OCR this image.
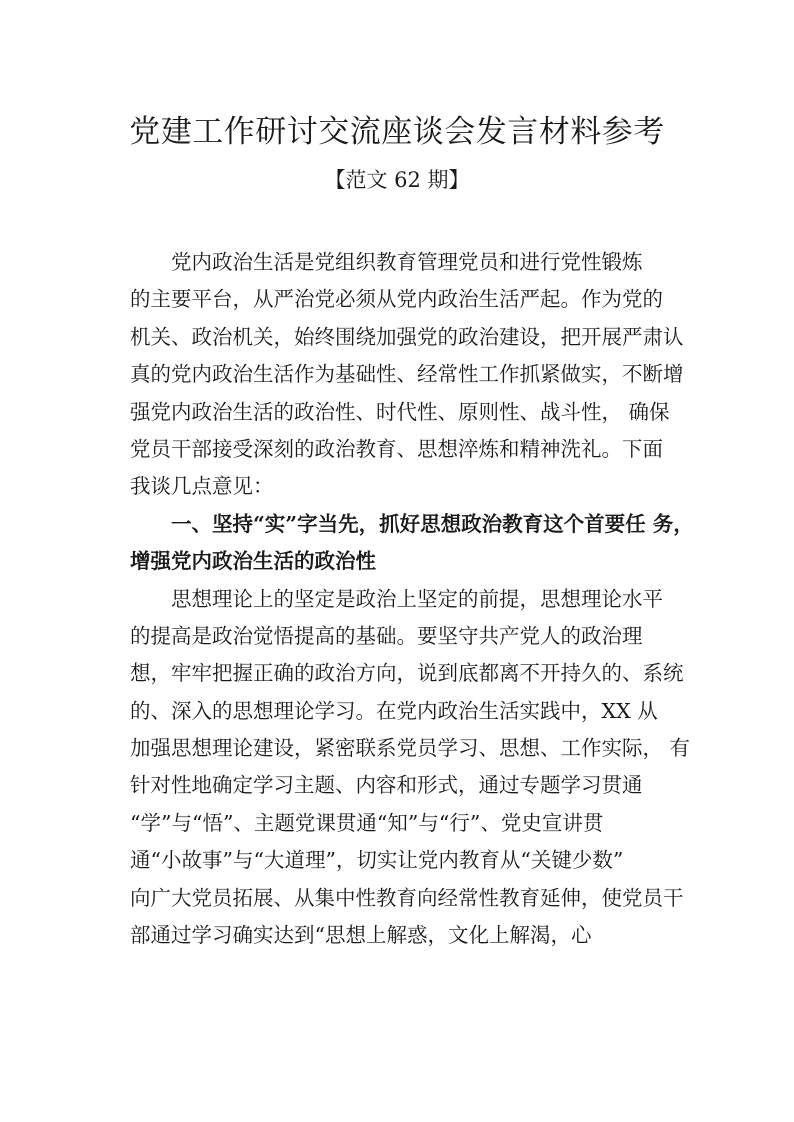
党建工作研讨交流座谈会发言材料参考
【范文 62 期】
党内政治生活是党组织教育管理党员和进行党性锻炼
的主要平台，从严治党必须从党内政治生活严起。作为党的
机关、政治机关，始终围绕加强党的政治建设，把开展严肃认
真的党内政治生活作为基础性、经常性工作抓紧做实，不断增
强党内政治生活的政治性、时代性、原则性、战斗性， 确保
党员干部接受深刻的政治教育、思想淬炼和精神洗礼。下面
我谈几点意见：
一、坚持“实”字当先，抓好思想政治教育这个首要任 务，
增强党内政治生活的政治性
思想理论上的坚定是政治上坚定的前提，思想理论水平
的提高是政治觉悟提高的基础。要坚守共产党人的政治理
想，牢牢把握正确的政治方向，说到底都离不开持久的、系统
的、深入的思想理论学习。在党内政治生活实践中，XX 从
加强思想理论建设，紧密联系党员学习、思想、工作实际， 有
针对性地确定学习主题、内容和形式，通过专题学习贯通
“学”与“悟”、主题党课贯通“知”与“行”、党史宣讲贯
通“小故事”与“大道理”，切实让党内教育从“关键少数”
向广大党员拓展、从集中性教育向经常性教育延伸，使党员干
部通过学习确实达到“思想上解惑，文化上解渴，心
